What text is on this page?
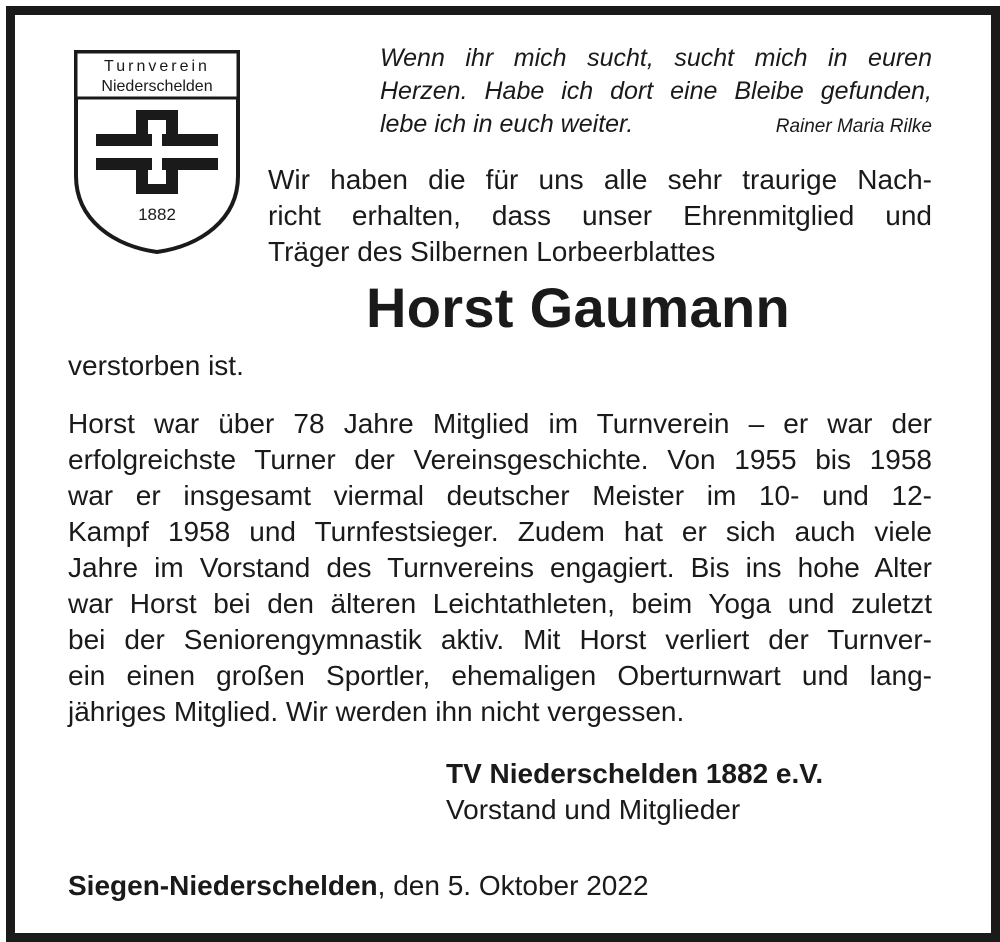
Turnverein
Niederschelden
1882
Wenn ihr mich sucht, sucht mich in euren
Herzen. Habe ich dort eine Bleibe gefunden,
lebe ich in euch weiter.	Rainer Maria Rilke
Wir haben die für uns alle sehr traurige Nach-
richt erhalten, dass unser Ehrenmitglied und
Träger des Silbernen Lorbeerblattes
Horst Gaumann
verstorben ist.
Horst war über 78 Jahre Mitglied im Turnverein – er war der
erfolgreichste Turner der Vereinsgeschichte. Von 1955 bis 1958
war er insgesamt viermal deutscher Meister im 10- und 12-
Kampf 1958 und Turnfestsieger. Zudem hat er sich auch viele
Jahre im Vorstand des Turnvereins engagiert. Bis ins hohe Alter
war Horst bei den älteren Leichtathleten, beim Yoga und zuletzt
bei der Seniorengymnastik aktiv. Mit Horst verliert der Turnver-
ein einen großen Sportler, ehemaligen Oberturnwart und lang-
jähriges Mitglied. Wir werden ihn nicht vergessen.
TV Niederschelden 1882 e.V.
Vorstand und Mitglieder
Siegen-Niederschelden, den 5. Oktober 2022
